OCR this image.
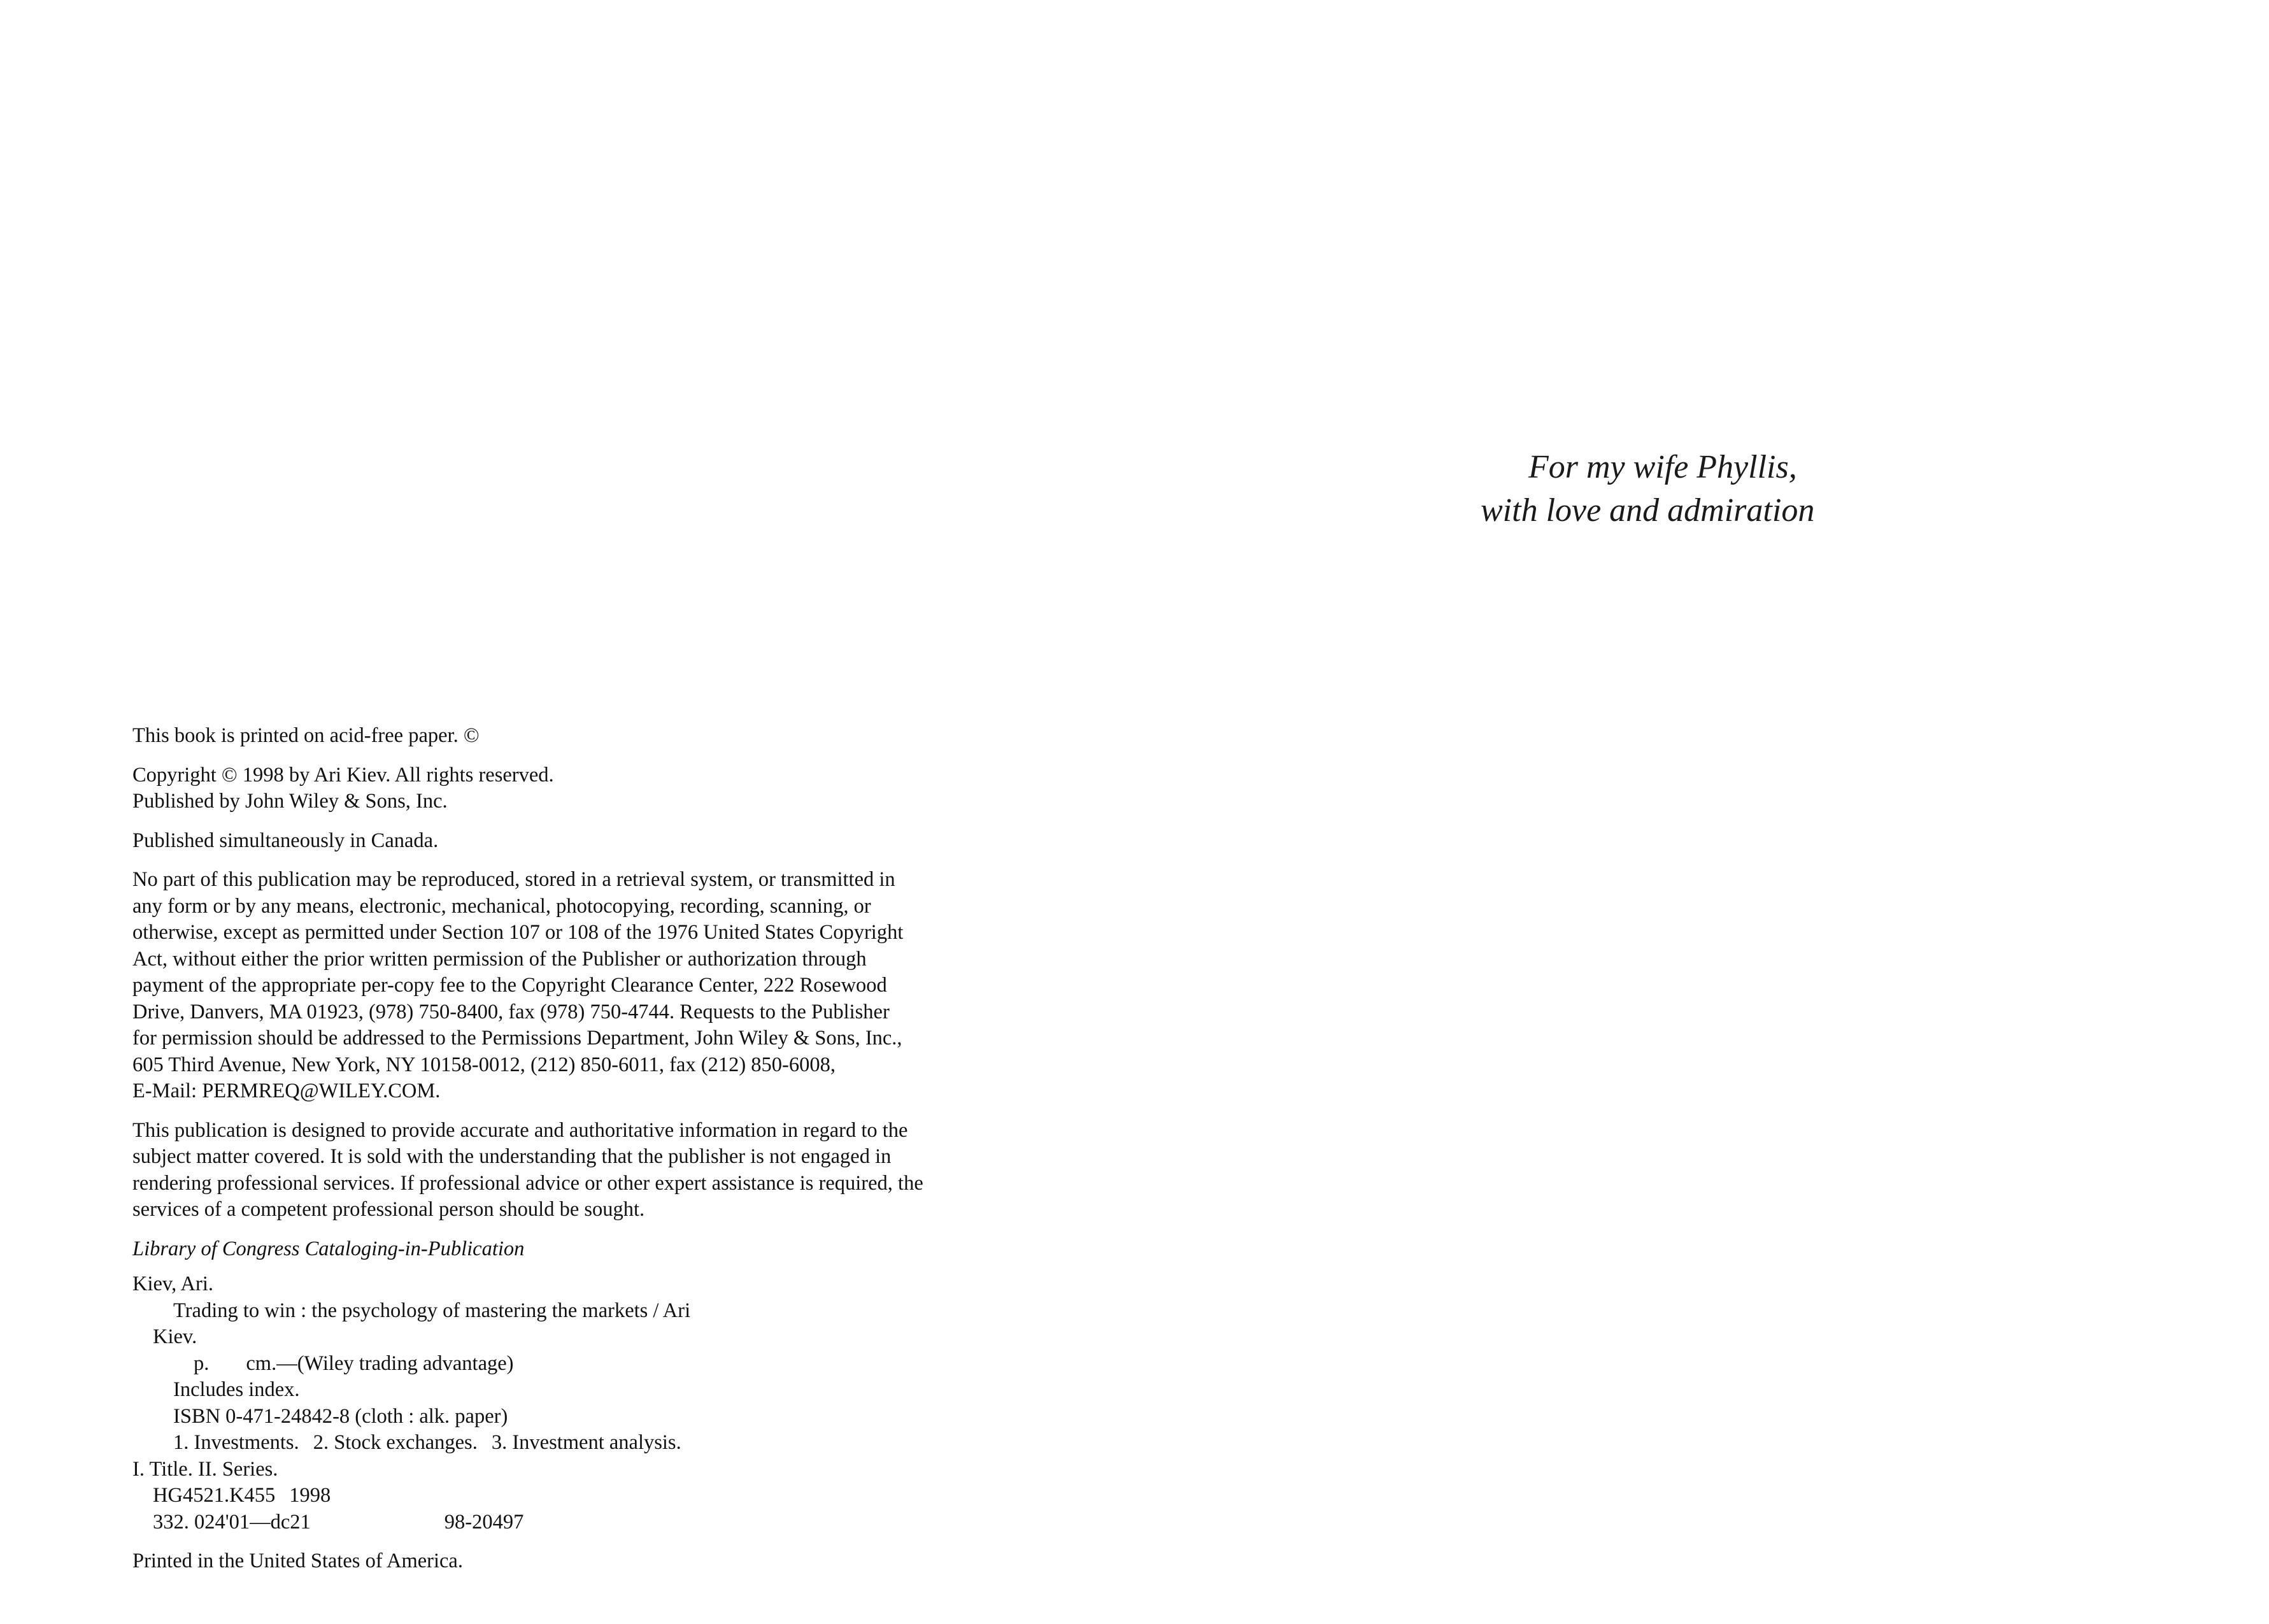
For my wife Phyllis,
with love and admiration
This book is printed on acid-free paper. ©
Copyright © 1998 by Ari Kiev. All rights reserved.
Published by John Wiley & Sons, Inc.
Published simultaneously in Canada.
No part of this publication may be reproduced, stored in a retrieval system, or transmitted in
any form or by any means, electronic, mechanical, photocopying, recording, scanning, or
otherwise, except as permitted under Section 107 or 108 of the 1976 United States Copyright
Act, without either the prior written permission of the Publisher or authorization through
payment of the appropriate per-copy fee to the Copyright Clearance Center, 222 Rosewood
Drive, Danvers, MA 01923, (978) 750-8400, fax (978) 750-4744. Requests to the Publisher
for permission should be addressed to the Permissions Department, John Wiley & Sons, Inc.,
605 Third Avenue, New York, NY 10158-0012, (212) 850-6011, fax (212) 850-6008,
E-Mail: PERMREQ@WILEY.COM.
This publication is designed to provide accurate and authoritative information in regard to the
subject matter covered. It is sold with the understanding that the publisher is not engaged in
rendering professional services. If professional advice or other expert assistance is required, the
services of a competent professional person should be sought.
Library of Congress Cataloging-in-Publication
Kiev, Ari.
Trading to win : the psychology of mastering the markets / Ari
Kiev.
p. cm.—(Wiley trading advantage)
Includes index.
ISBN 0-471-24842-8 (cloth : alk. paper)
1. Investments. 2. Stock exchanges. 3. Investment analysis.
I. Title. II. Series.
HG4521.K455 1998
332. 024'01—dc21	98-20497
Printed in the United States of America.
